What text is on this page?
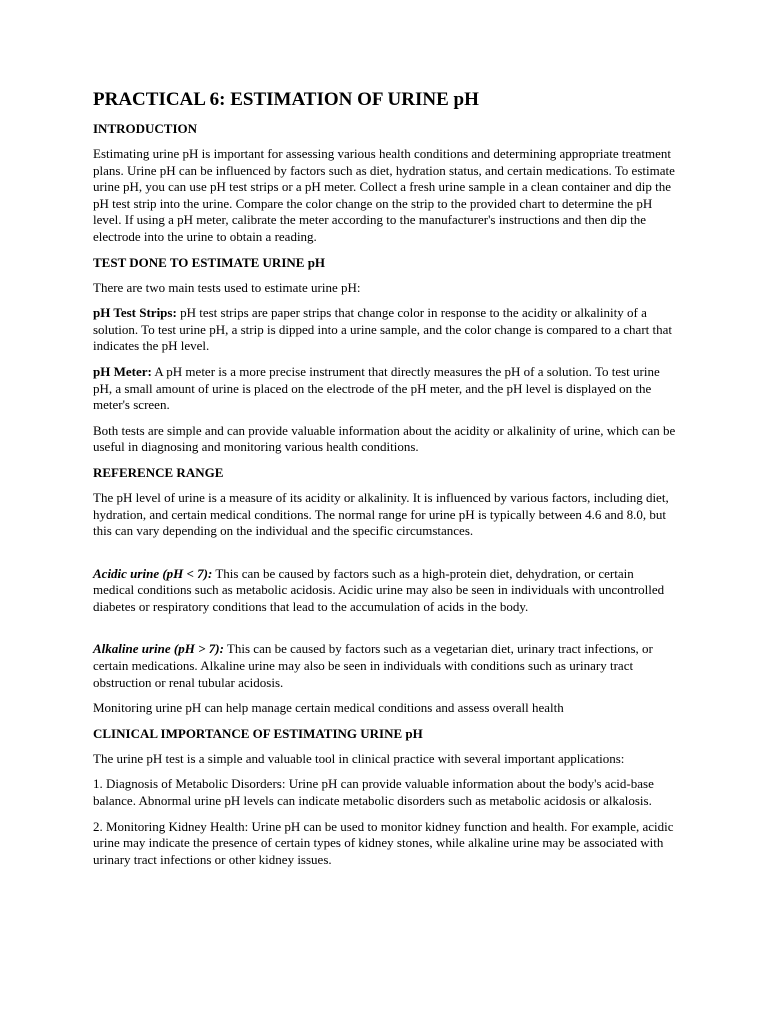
PRACTICAL 6: ESTIMATION OF URINE pH
INTRODUCTION

Estimating urine pH is important for assessing various health conditions and determining appropriate treatment plans. Urine pH can be influenced by factors such as diet, hydration status, and certain medications. To estimate urine pH, you can use pH test strips or a pH meter. Collect a fresh urine sample in a clean container and dip the pH test strip into the urine. Compare the color change on the strip to the provided chart to determine the pH level. If using a pH meter, calibrate the meter according to the manufacturer's instructions and then dip the electrode into the urine to obtain a reading.

TEST DONE TO ESTIMATE URINE pH

There are two main tests used to estimate urine pH:

pH Test Strips: pH test strips are paper strips that change color in response to the acidity or alkalinity of a solution. To test urine pH, a strip is dipped into a urine sample, and the color change is compared to a chart that indicates the pH level.

pH Meter: A pH meter is a more precise instrument that directly measures the pH of a solution. To test urine pH, a small amount of urine is placed on the electrode of the pH meter, and the pH level is displayed on the meter's screen.

Both tests are simple and can provide valuable information about the acidity or alkalinity of urine, which can be useful in diagnosing and monitoring various health conditions.

REFERENCE RANGE

The pH level of urine is a measure of its acidity or alkalinity. It is influenced by various factors, including diet, hydration, and certain medical conditions. The normal range for urine pH is typically between 4.6 and 8.0, but this can vary depending on the individual and the specific circumstances.

Acidic urine (pH < 7): This can be caused by factors such as a high-protein diet, dehydration, or certain medical conditions such as metabolic acidosis. Acidic urine may also be seen in individuals with uncontrolled diabetes or respiratory conditions that lead to the accumulation of acids in the body.

Alkaline urine (pH > 7): This can be caused by factors such as a vegetarian diet, urinary tract infections, or certain medications. Alkaline urine may also be seen in individuals with conditions such as urinary tract obstruction or renal tubular acidosis.

Monitoring urine pH can help manage certain medical conditions and assess overall health

CLINICAL IMPORTANCE OF ESTIMATING URINE pH

The urine pH test is a simple and valuable tool in clinical practice with several important applications:

1. Diagnosis of Metabolic Disorders: Urine pH can provide valuable information about the body's acid-base balance. Abnormal urine pH levels can indicate metabolic disorders such as metabolic acidosis or alkalosis.

2. Monitoring Kidney Health: Urine pH can be used to monitor kidney function and health. For example, acidic urine may indicate the presence of certain types of kidney stones, while alkaline urine may be associated with urinary tract infections or other kidney issues.
